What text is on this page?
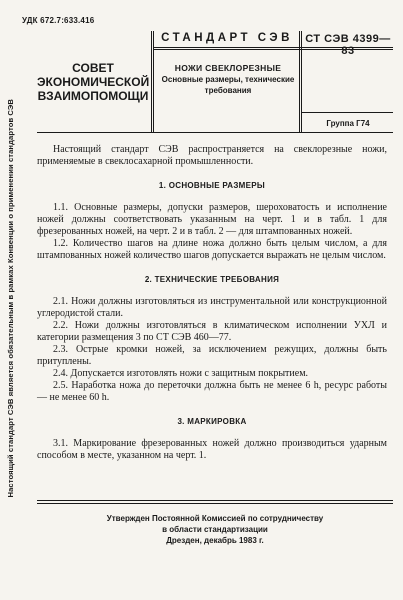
УДК 672.7:633.416
Настоящий стандарт СЭВ является обязательным в рамках Конвенции о применении стандартов СЭВ
СОВЕТ
ЭКОНОМИЧЕСКОЙ
ВЗАИМОПОМОЩИ
СТАНДАРТ СЭВ	СТ СЭВ 4399—83
НОЖИ СВЕКЛОРЕЗНЫЕ
Основные размеры, технические требования
Группа Г74

Настоящий стандарт СЭВ распространяется на свеклорезные ножи, применяемые в свеклосахарной промышленности.

1. ОСНОВНЫЕ РАЗМЕРЫ

1.1. Основные размеры, допуски размеров, шероховатость и исполнение ножей должны соответствовать указанным на черт. 1 и в табл. 1 для фрезерованных ножей, на черт. 2 и в табл. 2 — для штампованных ножей.

1.2. Количество шагов на длине ножа должно быть целым числом, а для штампованных ножей количество шагов допускается выражать не целым числом.

2. ТЕХНИЧЕСКИЕ ТРЕБОВАНИЯ

2.1. Ножи должны изготовляться из инструментальной или конструкционной углеродистой стали.

2.2. Ножи должны изготовляться в климатическом исполнении УХЛ и категории размещения 3 по СТ СЭВ 460—77.

2.3. Острые кромки ножей, за исключением режущих, должны быть притуплены.

2.4. Допускается изготовлять ножи с защитным покрытием.

2.5. Наработка ножа до переточки должна быть не менее 6 h, ресурс работы — не менее 60 h.

3. МАРКИРОВКА

3.1. Маркирование фрезерованных ножей должно производиться ударным способом в месте, указанном на черт. 1.

Утвержден Постоянной Комиссией по сотрудничеству
в области стандартизации
Дрезден, декабрь 1983 г.
